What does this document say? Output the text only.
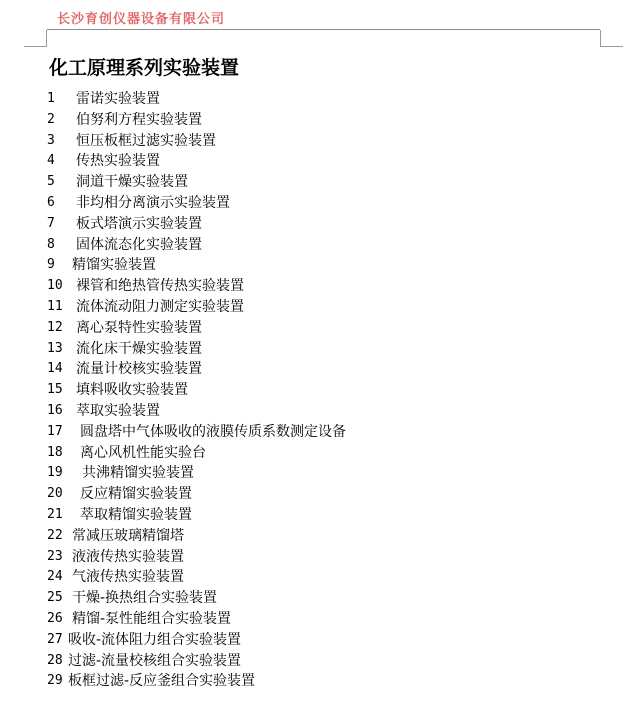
长沙育创仪器设备有限公司
化工原理系列实验装置
1 雷诺实验装置
2 伯努利方程实验装置
3 恒压板框过滤实验装置
4 传热实验装置
5 洞道干燥实验装置
6 非均相分离演示实验装置
7 板式塔演示实验装置
8 固体流态化实验装置
9 精馏实验装置
10 裸管和绝热管传热实验装置
11 流体流动阻力测定实验装置
12 离心泵特性实验装置
13 流化床干燥实验装置
14 流量计校核实验装置
15 填料吸收实验装置
16 萃取实验装置
17 圆盘塔中气体吸收的液膜传质系数测定设备
18 离心风机性能实验台
19 共沸精馏实验装置
20 反应精馏实验装置
21 萃取精馏实验装置
22 常减压玻璃精馏塔
23 液液传热实验装置
24 气液传热实验装置
25 干燥-换热组合实验装置
26 精馏-泵性能组合实验装置
27 吸收-流体阻力组合实验装置
28 过滤-流量校核组合实验装置
29 板框过滤-反应釜组合实验装置
